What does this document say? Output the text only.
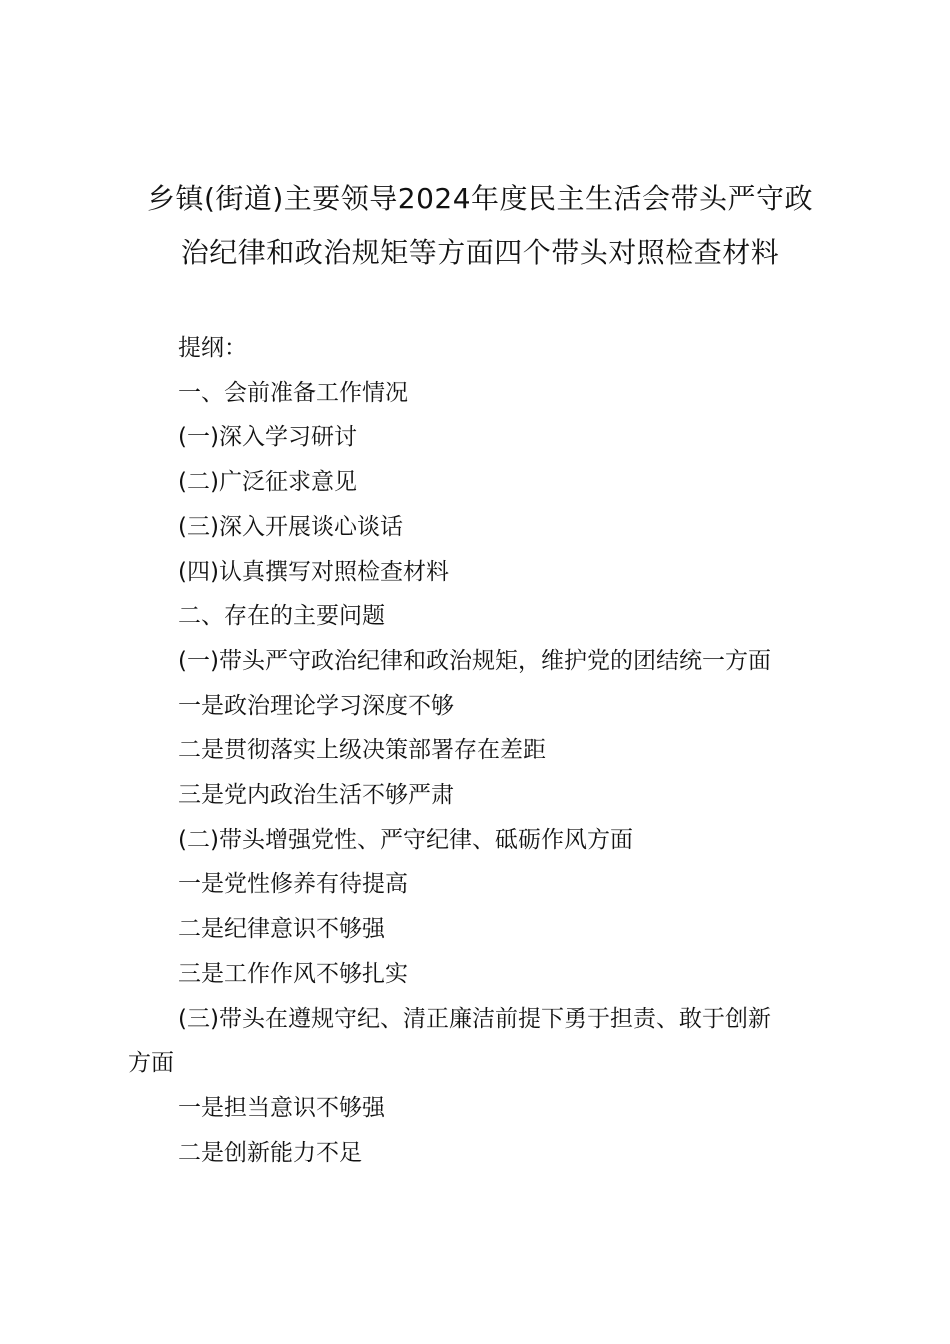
乡镇(街道)主要领导2024年度民主生活会带头严守政
治纪律和政治规矩等方面四个带头对照检查材料
提纲：
一、会前准备工作情况
(一)深入学习研讨
(二)广泛征求意见
(三)深入开展谈心谈话
(四)认真撰写对照检查材料
二、存在的主要问题
(一)带头严守政治纪律和政治规矩，维护党的团结统一方面
一是政治理论学习深度不够
二是贯彻落实上级决策部署存在差距
三是党内政治生活不够严肃
(二)带头增强党性、严守纪律、砥砺作风方面
一是党性修养有待提高
二是纪律意识不够强
三是工作作风不够扎实
(三)带头在遵规守纪、清正廉洁前提下勇于担责、敢于创新
方面
一是担当意识不够强
二是创新能力不足
